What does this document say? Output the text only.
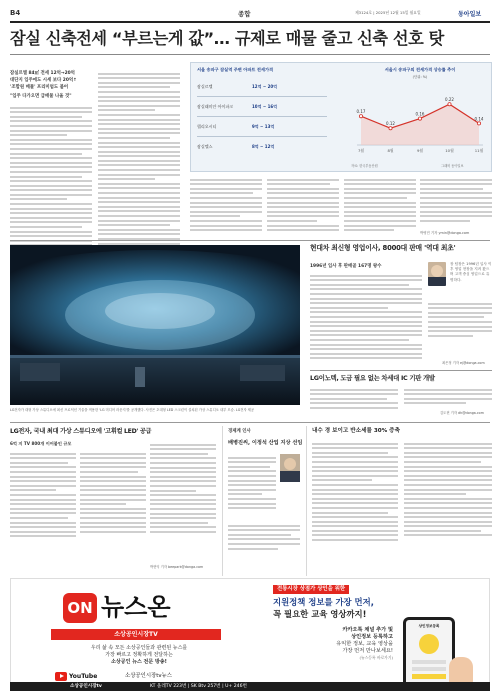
B4	종합	제3124호 | 2025년 12월 15일 월요일	동아일보
잠실 신축전세 “부르는게 값”… 규제로 매물 줄고 신축 선호 탓
잠실르엘 84㎡ 전세 12억→20억
대단지 입주에도 시세 보다 20억↑
'조합원 매물' 프리미엄도 붙어
"입주 다가오면 급매물 나올 것"
서울 송파구 잠실역 주변 아파트 전세가격
잠실르엘	12억 ~ 20억
잠실래미안 아이파크	10억 ~ 16억
헬리오시티	9억 ~ 13억
잠실엘스	8억 ~ 12억
서울시 송파구의 전세가격 상승률 추이
(단위: %)
0.17
7월
0.12
8월
0.16
9월
0.22
10월
0.14
11월
자료: 한국부동산원	그래픽 동아일보
박영민 기자 ymin@donga.com
LG전자가 대형 가상 스튜디오에 최신 프로덕션 기술을 적용한 'LG 미디어 라운지'를 공개했다. 사진은 초대형 LED 스크린이 설치된 가상 스튜디오 내부 모습. LG전자 제공
현대차 최신형 영업이사, 8000대 판매 '역대 최초'
1996년 입사 후 판매골 167명 왕수	장 팀장은 1996년 입사 이후 영업 현장을 지켜 왔으며 고객 중심 영업으로 유명하다.
최은정 기자 ej@donga.com
LG이노텍, 도금 필요 없는 차세대 IC 기판 개발
김도현 기자 dh@donga.com
LG전자, 국내 최대 가상 스튜디오에 '고휘컬 LED' 공급
6억 지 TV 800개 이어붙인 규모
박현익 기자 beepark@donga.com
경제계 인사
배병진씨, 이정석 산업 지상 선임
내수 경 보이고 반소세를 30% 증축
ON 뉴스온
소상공인시장TV
우리 삶 속 모든 소상공인들과 관련된 뉴스를
가장 빠르고 정확하게 전달하는
소상공인 뉴스 전문 방송!
YouTube	소상공인시장tv뉴스
전통시장 상점가 상인을 위한
지원정책 정보를 가장 먼저,
꼭 필요한 교육 영상까지!
카카오톡 채널 추가 및
상인정보 등록하고
유익한 정보, 교육 영상을
가장 먼저 만나보세요!
(뉴스등록 바로가기)
상인정보등록
소상공인시장tv	KT 올레TV 223번 | SK Btv 257번 | U+ 246번
